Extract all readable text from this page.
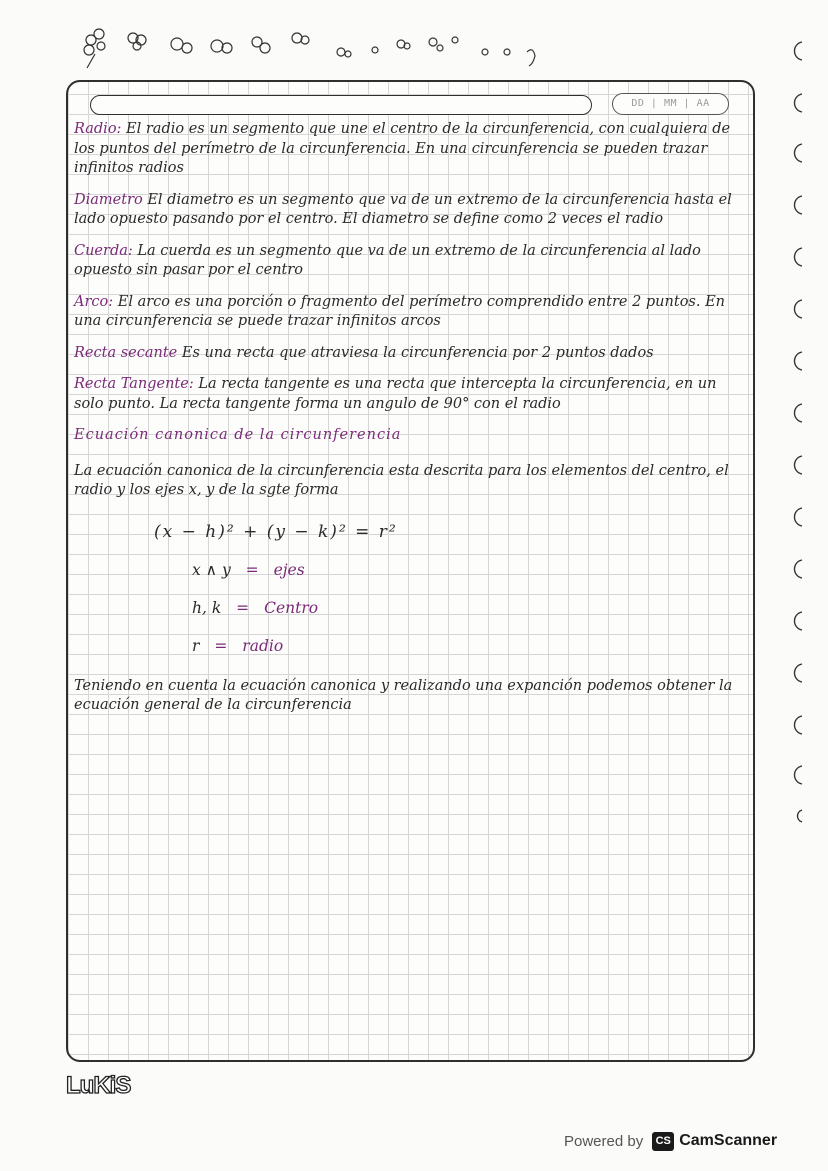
DD | MM | AA

Radio: El radio es un segmento que une el centro de la circunferencia, con cualquiera de los puntos del perímetro de la circunferencia. En una circunferencia se pueden trazar infinitos radios

Diametro El diametro es un segmento que va de un extremo de la circunferencia hasta el lado opuesto pasando por el centro. El diametro se define como 2 veces el radio

Cuerda: La cuerda es un segmento que va de un extremo de la circunferencia al lado opuesto sin pasar por el centro

Arco: El arco es una porción o fragmento del perímetro comprendido entre 2 puntos. En una circunferencia se puede trazar infinitos arcos

Recta secante Es una recta que atraviesa la circunferencia por 2 puntos dados

Recta Tangente: La recta tangente es una recta que intercepta la circunferencia, en un solo punto. La recta tangente forma un angulo de 90° con el radio

Ecuación canonica de la circunferencia

La ecuación canonica de la circunferencia esta descrita para los elementos del centro, el radio y los ejes x, y de la sgte forma

(x − h)² + (y − k)² = r²
x ∧ y = ejes
h, k = Centro
r = radio

Teniendo en cuenta la ecuación canonica y realizando una expanción podemos obtener la ecuación general de la circunferencia

LuKiS
Powered by	CS CamScanner
